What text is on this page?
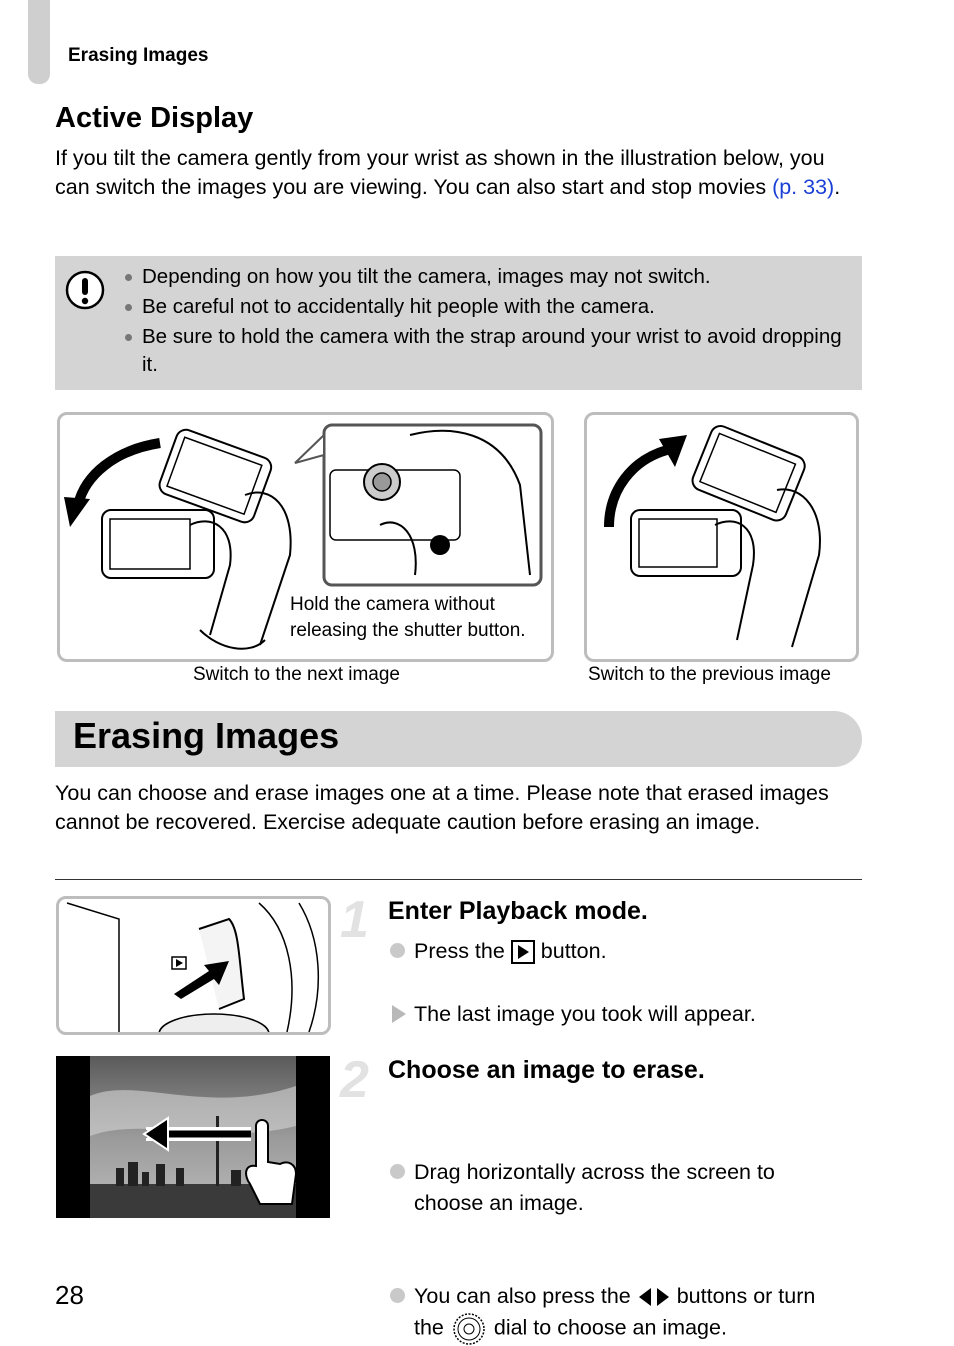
Erasing Images
Active Display
If you tilt the camera gently from your wrist as shown in the illustration below, you can switch the images you are viewing. You can also start and stop movies (p. 33).
Depending on how you tilt the camera, images may not switch.
Be careful not to accidentally hit people with the camera.
Be sure to hold the camera with the strap around your wrist to avoid dropping it.
Hold the camera without
releasing the shutter button.
Switch to the next image	Switch to the previous image
Erasing Images
You can choose and erase images one at a time. Please note that erased images cannot be recovered. Exercise adequate caution before erasing an image.
1 Enter Playback mode.
Press the button.
The last image you took will appear.
2 Choose an image to erase.
Drag horizontally across the screen to
choose an image.
You can also press the buttons or turn
the dial to choose an image.
28
